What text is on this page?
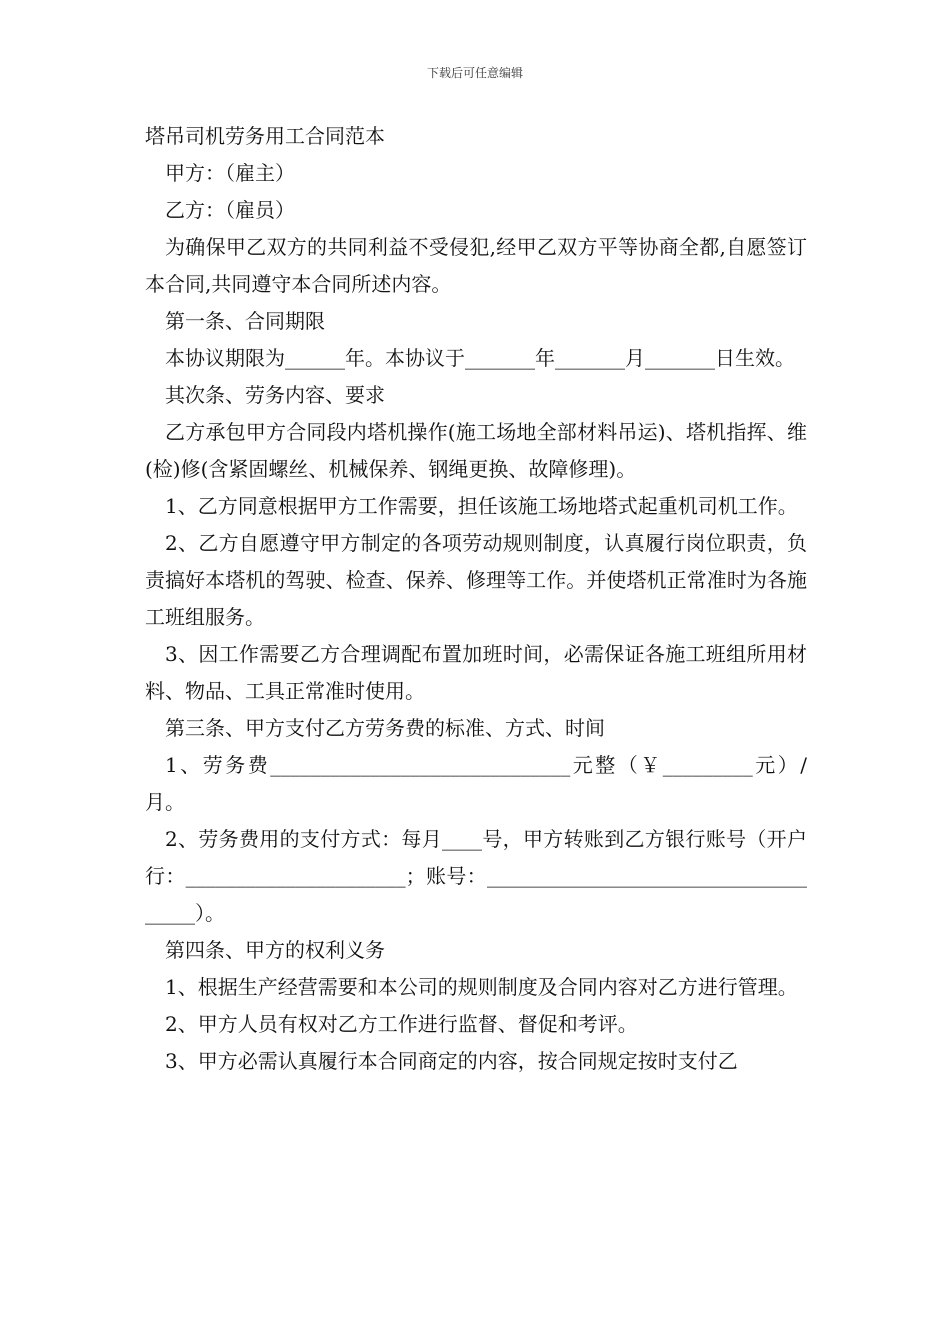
下载后可任意编辑

塔吊司机劳务用工合同范本

甲方：（雇主）

乙方：（雇员）

为确保甲乙双方的共同利益不受侵犯,经甲乙双方平等协商全都,自愿签订本合同,共同遵守本合同所述内容。

第一条、合同期限

本协议期限为______年。本协议于_______年_______月_______日生效。

其次条、劳务内容、要求

乙方承包甲方合同段内塔机操作(施工场地全部材料吊运)、塔机指挥、维(检)修(含紧固螺丝、机械保养、钢绳更换、故障修理)。

1、乙方同意根据甲方工作需要，担任该施工场地塔式起重机司机工作。

2、乙方自愿遵守甲方制定的各项劳动规则制度，认真履行岗位职责，负责搞好本塔机的驾驶、检查、保养、修理等工作。并使塔机正常准时为各施工班组服务。

3、因工作需要乙方合理调配布置加班时间，必需保证各施工班组所用材料、物品、工具正常准时使用。

第三条、甲方支付乙方劳务费的标准、方式、时间

1、劳务费______________________________元整（￥_________元）/月。

2、劳务费用的支付方式：每月____号，甲方转账到乙方银行账号（开户行：______________________；账号：_____________________________________）。

第四条、甲方的权利义务

1、根据生产经营需要和本公司的规则制度及合同内容对乙方进行管理。

2、甲方人员有权对乙方工作进行监督、督促和考评。

3、甲方必需认真履行本合同商定的内容，按合同规定按时支付乙
